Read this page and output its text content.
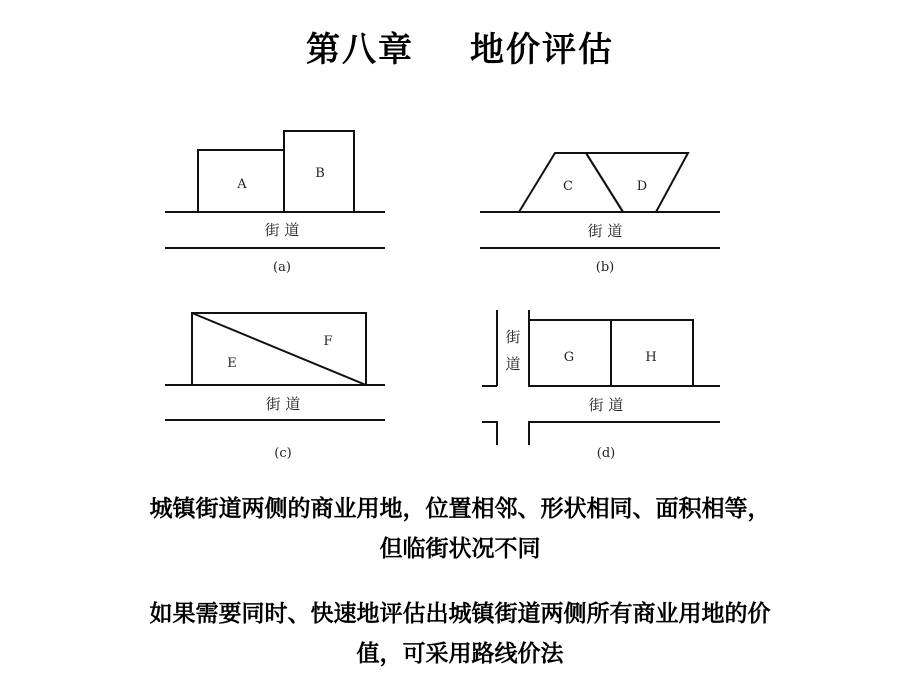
第八章 地价评估
A
B
C	D
E
F
G	H
街 道	街 道
街 道	街 道
街
道
(a)	(b)
(c)	(d)
城镇街道两侧的商业用地，位置相邻、形状相同、面积相等，
但临街状况不同
如果需要同时、快速地评估出城镇街道两侧所有商业用地的价
值，可采用路线价法
